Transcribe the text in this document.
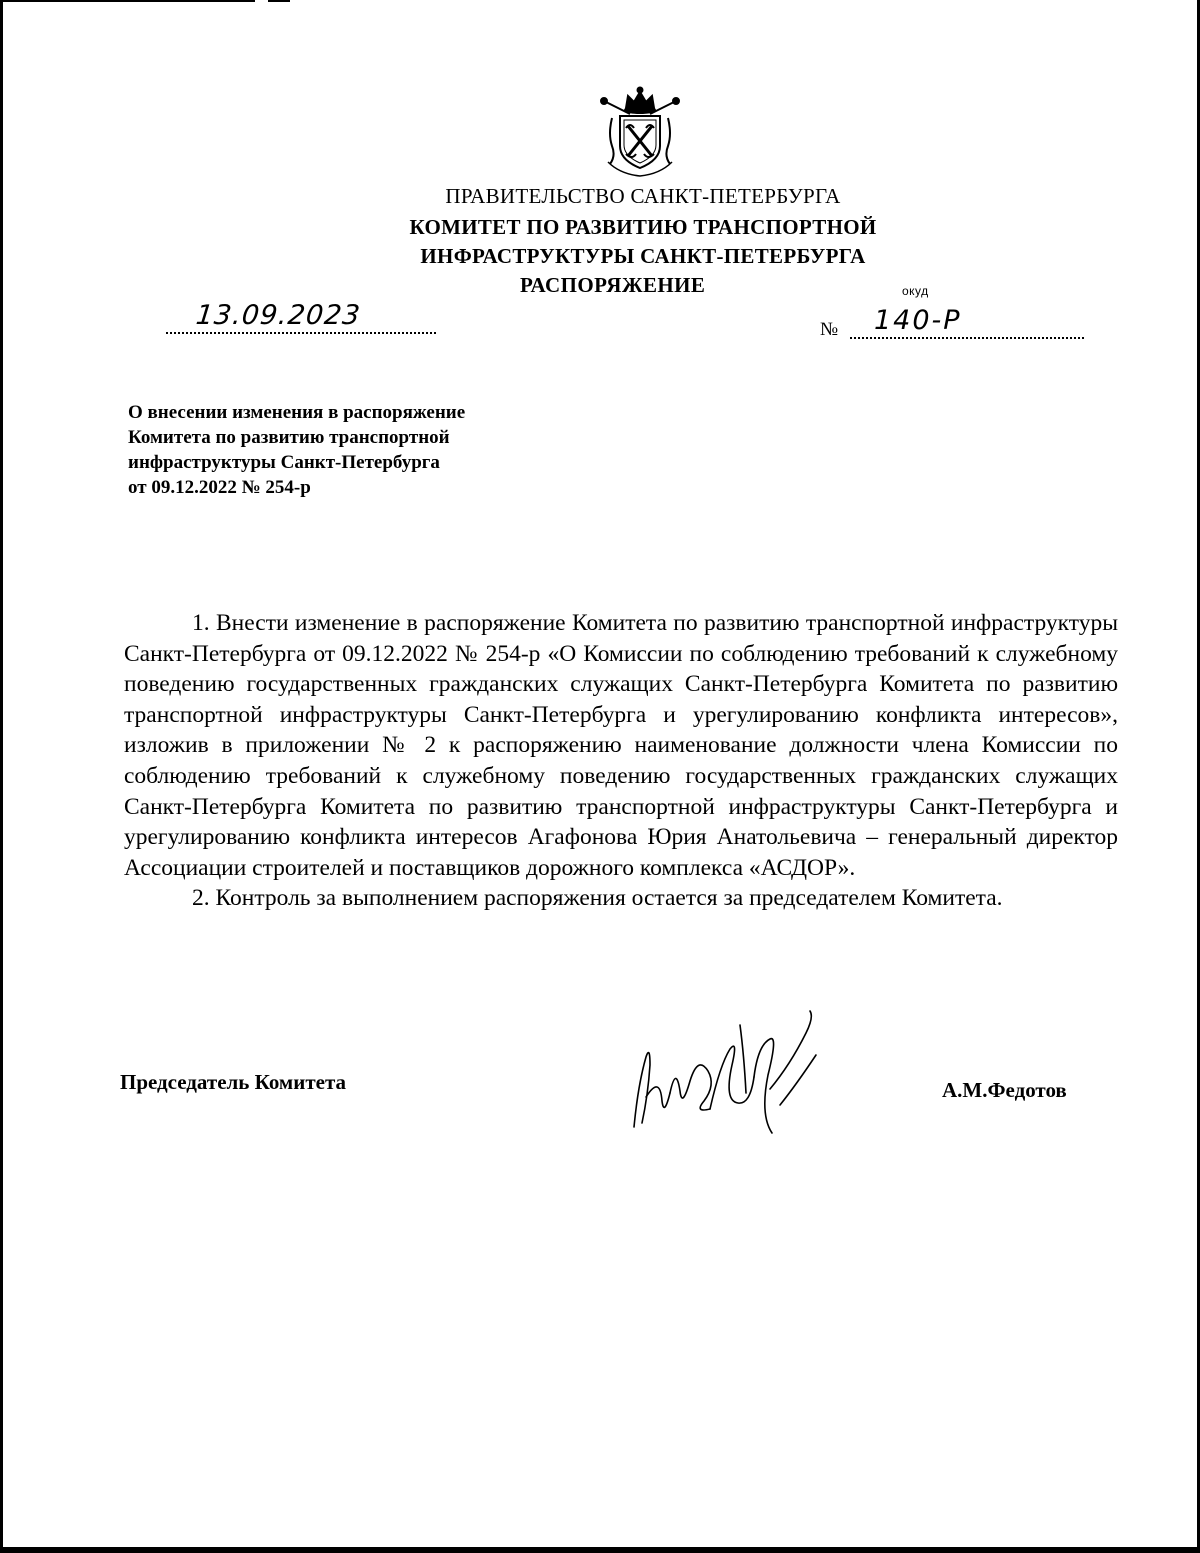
ПРАВИТЕЛЬСТВО САНКТ-ПЕТЕРБУРГА
КОМИТЕТ ПО РАЗВИТИЮ ТРАНСПОРТНОЙ
ИНФРАСТРУКТУРЫ САНКТ-ПЕТЕРБУРГА
РАСПОРЯЖЕНИЕ	окуд
13.09.2023	№ 140-Р
О внесении изменения в распоряжение
Комитета по развитию транспортной
инфраструктуры Санкт-Петербурга
от 09.12.2022 № 254-р

1. Внести изменение в распоряжение Комитета по развитию транспортной инфраструктуры Санкт-Петербурга от 09.12.2022 № 254-р «О Комиссии по соблюдению требований к служебному поведению государственных гражданских служащих Санкт-Петербурга Комитета по развитию транспортной инфраструктуры Санкт-Петербурга и урегулированию конфликта интересов», изложив в приложении № 2 к распоряжению наименование должности члена Комиссии по соблюдению требований к служебному поведению государственных гражданских служащих Санкт-Петербурга Комитета по развитию транспортной инфраструктуры Санкт-Петербурга и урегулированию конфликта интересов Агафонова Юрия Анатольевича – генеральный директор Ассоциации строителей и поставщиков дорожного комплекса «АСДОР».

2. Контроль за выполнением распоряжения остается за председателем Комитета.

Председатель Комитета	А.М.Федотов
